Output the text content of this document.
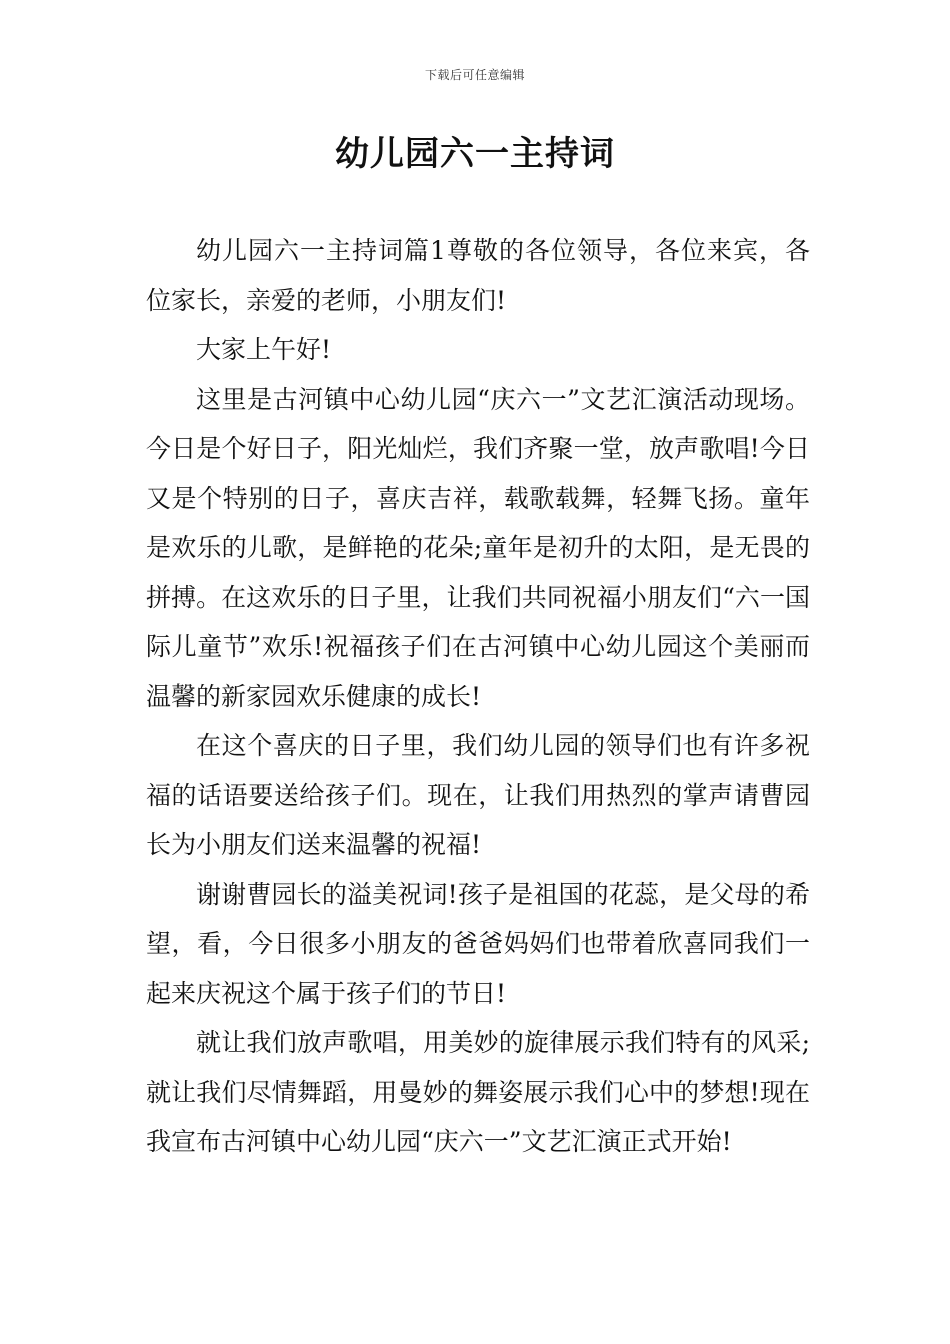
下载后可任意编辑
幼儿园六一主持词

幼儿园六一主持词篇1尊敬的各位领导，各位来宾，各位家长，亲爱的老师，小朋友们!

大家上午好!

这里是古河镇中心幼儿园“庆六一”文艺汇演活动现场。今日是个好日子，阳光灿烂，我们齐聚一堂，放声歌唱!今日又是个特别的日子，喜庆吉祥，载歌载舞，轻舞飞扬。童年是欢乐的儿歌，是鲜艳的花朵;童年是初升的太阳，是无畏的拼搏。在这欢乐的日子里，让我们共同祝福小朋友们“六一国际儿童节”欢乐!祝福孩子们在古河镇中心幼儿园这个美丽而温馨的新家园欢乐健康的成长!

在这个喜庆的日子里，我们幼儿园的领导们也有许多祝福的话语要送给孩子们。现在，让我们用热烈的掌声请曹园长为小朋友们送来温馨的祝福!

谢谢曹园长的溢美祝词!孩子是祖国的花蕊，是父母的希望，看，今日很多小朋友的爸爸妈妈们也带着欣喜同我们一起来庆祝这个属于孩子们的节日!

就让我们放声歌唱，用美妙的旋律展示我们特有的风采;就让我们尽情舞蹈，用曼妙的舞姿展示我们心中的梦想!现在我宣布古河镇中心幼儿园“庆六一”文艺汇演正式开始!
